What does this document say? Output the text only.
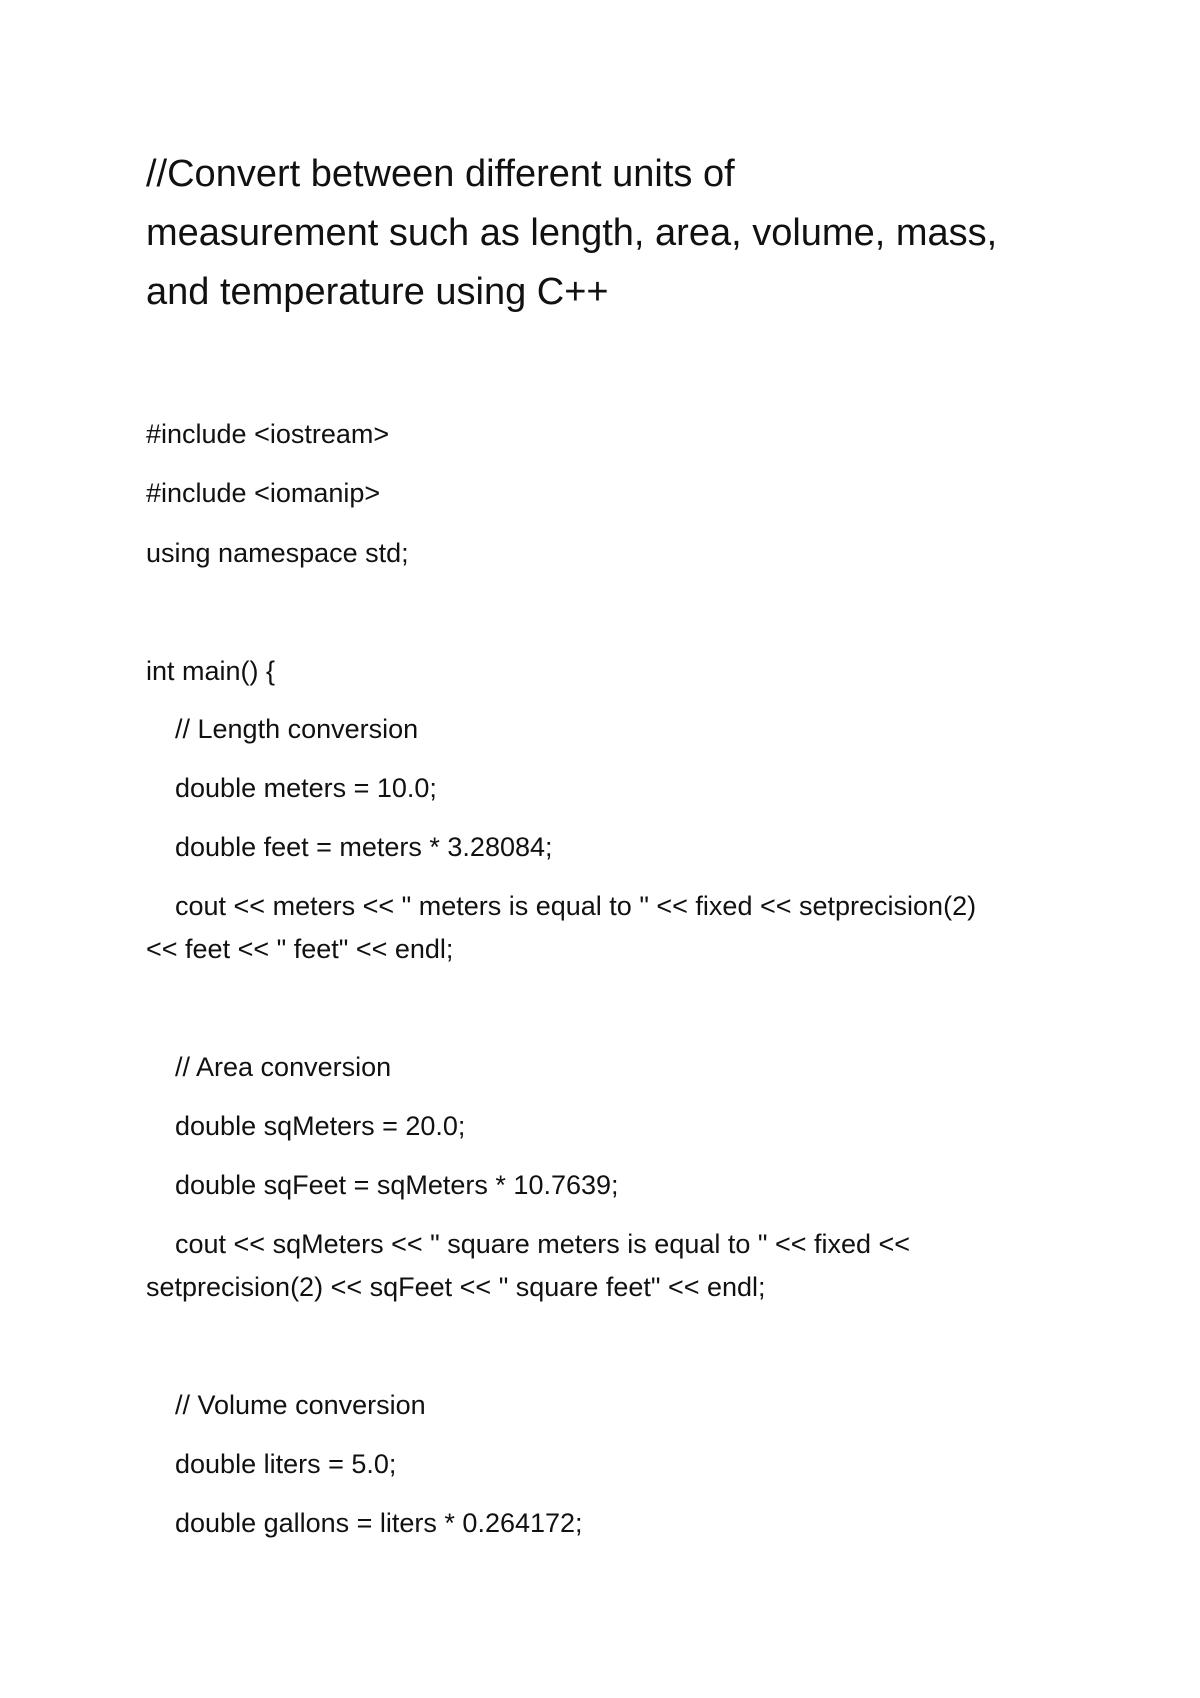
//Convert between different units of
measurement such as length, area, volume, mass,
and temperature using C++
#include <iostream>
#include <iomanip>
using namespace std;
int main() {
// Length conversion
double meters = 10.0;
double feet = meters * 3.28084;
cout << meters << " meters is equal to " << fixed << setprecision(2)
<< feet << " feet" << endl;
// Area conversion
double sqMeters = 20.0;
double sqFeet = sqMeters * 10.7639;
cout << sqMeters << " square meters is equal to " << fixed <<
setprecision(2) << sqFeet << " square feet" << endl;
// Volume conversion
double liters = 5.0;
double gallons = liters * 0.264172;
